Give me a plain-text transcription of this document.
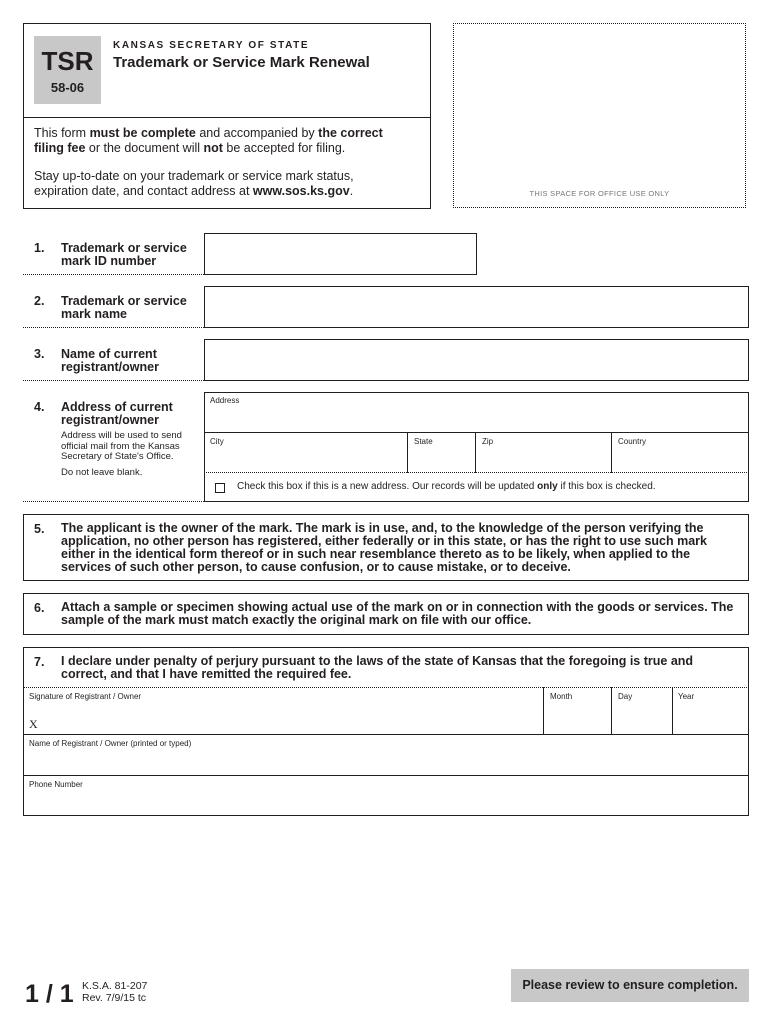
TSR
58-06
KANSAS SECRETARY OF STATE
Trademark or Service Mark Renewal
This form must be complete and accompanied by the correct
filing fee or the document will not be accepted for filing.
Stay up-to-date on your trademark or service mark status,
expiration date, and contact address at www.sos.ks.gov.	THIS SPACE FOR OFFICE USE ONLY
1. Trademark or service
mark ID number
2. Trademark or service
mark name
3. Name of current
registrant/owner
4. Address of current
registrant/owner
Address will be used to send
official mail from the Kansas
Secretary of State's Office.
Do not leave blank.
Address
City	State	Zip	Country
Check this box if this is a new address. Our records will be updated only if this box is checked.
5. The applicant is the owner of the mark. The mark is in use, and, to the knowledge of the person verifying the
application, no other person has registered, either federally or in this state, or has the right to use such mark
either in the identical form thereof or in such near resemblance thereto as to be likely, when applied to the
services of such other person, to cause confusion, or to cause mistake, or to deceive.
6. Attach a sample or specimen showing actual use of the mark on or in connection with the goods or services. The
sample of the mark must match exactly the original mark on file with our office.
7. I declare under penalty of perjury pursuant to the laws of the state of Kansas that the foregoing is true and
correct, and that I have remitted the required fee.
Signature of Registrant / Owner
X
Month	Day	Year
Name of Registrant / Owner (printed or typed)
Phone Number
1 / 1 K.S.A. 81-207
Rev. 7/9/15 tc
Please review to ensure completion.
